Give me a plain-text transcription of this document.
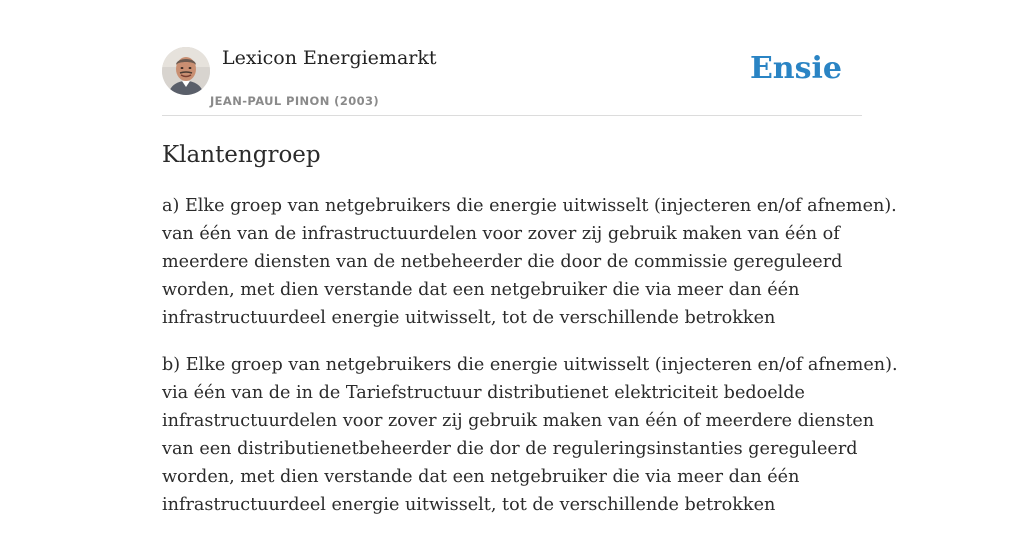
Lexicon Energiemarkt
JEAN-PAUL PINON (2003)
Ensie
Klantengroep

a) Elke groep van netgebruikers die energie uitwisselt (injecteren en/of afnemen).
van één van de infrastructuurdelen voor zover zij gebruik maken van één of
meerdere diensten van de netbeheerder die door de commissie gereguleerd
worden, met dien verstande dat een netgebruiker die via meer dan één
infrastructuurdeel energie uitwisselt, tot de verschillende betrokken

b) Elke groep van netgebruikers die energie uitwisselt (injecteren en/of afnemen).
via één van de in de Tariefstructuur distributienet elektriciteit bedoelde
infrastructuurdelen voor zover zij gebruik maken van één of meerdere diensten
van een distributienetbeheerder die dor de reguleringsinstanties gereguleerd
worden, met dien verstande dat een netgebruiker die via meer dan één
infrastructuurdeel energie uitwisselt, tot de verschillende betrokken
